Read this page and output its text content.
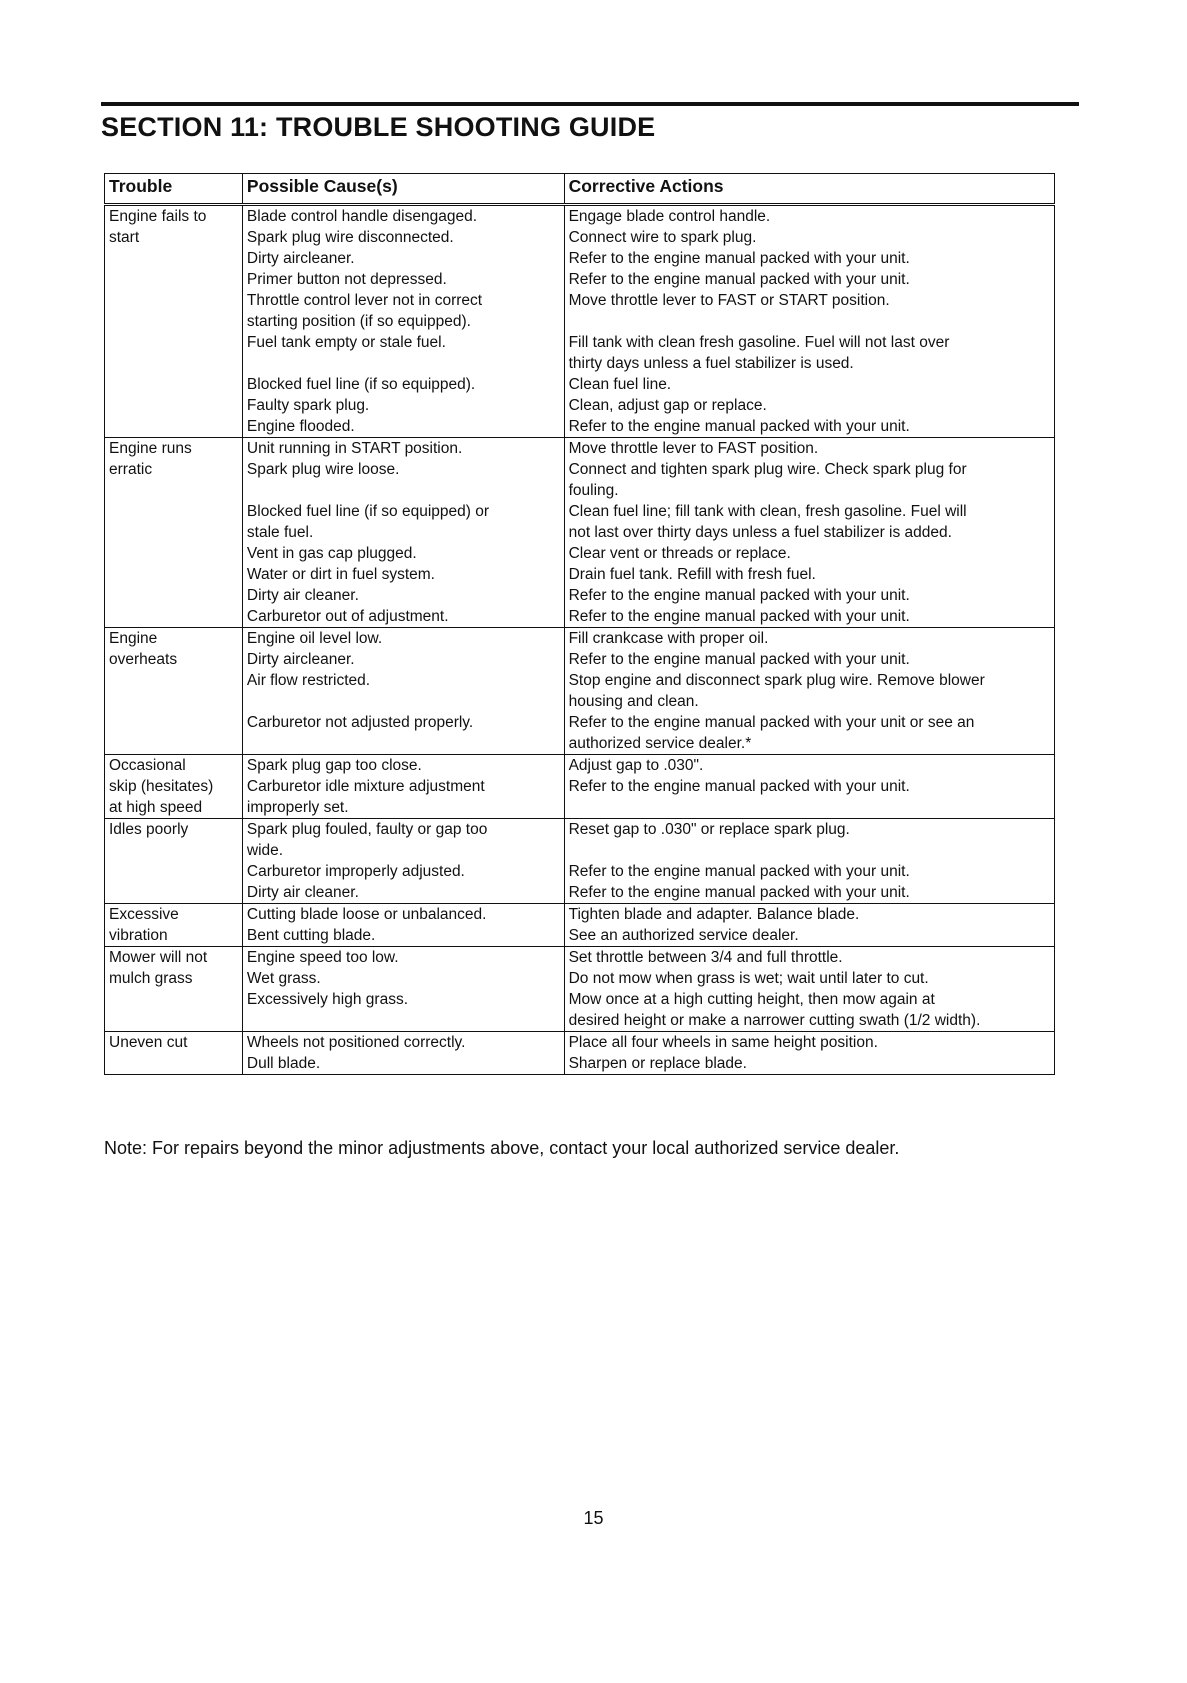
SECTION 11: TROUBLE SHOOTING GUIDE
Trouble	Possible Cause(s)	Corrective Actions
Engine fails to	Blade control handle disengaged.	Engage blade control handle.
start	Spark plug wire disconnected.	Connect wire to spark plug.
	Dirty aircleaner.	Refer to the engine manual packed with your unit.
	Primer button not depressed.	Refer to the engine manual packed with your unit.
	Throttle control lever not in correct	Move throttle lever to FAST or START position.
	starting position (if so equipped).	
	Fuel tank empty or stale fuel.	Fill tank with clean fresh gasoline. Fuel will not last over
		thirty days unless a fuel stabilizer is used.
	Blocked fuel line (if so equipped).	Clean fuel line.
	Faulty spark plug.	Clean, adjust gap or replace.
	Engine flooded.	Refer to the engine manual packed with your unit.
Engine runs	Unit running in START position.	Move throttle lever to FAST position.
erratic	Spark plug wire loose.	Connect and tighten spark plug wire. Check spark plug for
		fouling.
	Blocked fuel line (if so equipped) or	Clean fuel line; fill tank with clean, fresh gasoline. Fuel will
	stale fuel.	not last over thirty days unless a fuel stabilizer is added.
	Vent in gas cap plugged.	Clear vent or threads or replace.
	Water or dirt in fuel system.	Drain fuel tank. Refill with fresh fuel.
	Dirty air cleaner.	Refer to the engine manual packed with your unit.
	Carburetor out of adjustment.	Refer to the engine manual packed with your unit.
Engine	Engine oil level low.	Fill crankcase with proper oil.
overheats	Dirty aircleaner.	Refer to the engine manual packed with your unit.
	Air flow restricted.	Stop engine and disconnect spark plug wire. Remove blower
		housing and clean.
	Carburetor not adjusted properly.	Refer to the engine manual packed with your unit or see an
		authorized service dealer.*
Occasional	Spark plug gap too close.	Adjust gap to .030".
skip (hesitates)	Carburetor idle mixture adjustment	Refer to the engine manual packed with your unit.
at high speed	improperly set.	
Idles poorly	Spark plug fouled, faulty or gap too	Reset gap to .030" or replace spark plug.
	wide.	
	Carburetor improperly adjusted.	Refer to the engine manual packed with your unit.
	Dirty air cleaner.	Refer to the engine manual packed with your unit.
Excessive	Cutting blade loose or unbalanced.	Tighten blade and adapter. Balance blade.
vibration	Bent cutting blade.	See an authorized service dealer.
Mower will not	Engine speed too low.	Set throttle between 3/4 and full throttle.
mulch grass	Wet grass.	Do not mow when grass is wet; wait until later to cut.
	Excessively high grass.	Mow once at a high cutting height, then mow again at
		desired height or make a narrower cutting swath (1/2 width).
Uneven cut	Wheels not positioned correctly.	Place all four wheels in same height position.
	Dull blade.	Sharpen or replace blade.

Note: For repairs beyond the minor adjustments above, contact your local authorized service dealer.

15
